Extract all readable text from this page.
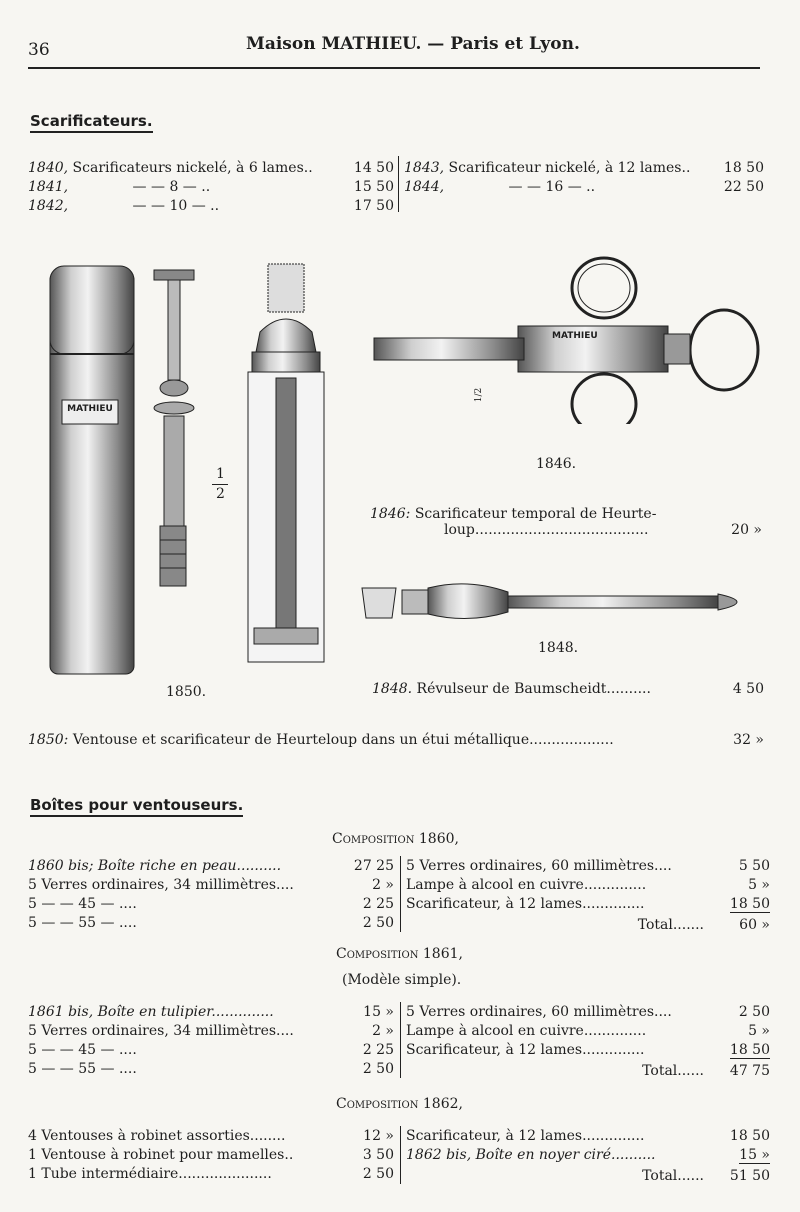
36	Maison MATHIEU. — Paris et Lyon.
Scarificateurs.
1840, Scarificateurs nickelé, à 6 lames..	14 50
1841,	— — 8 — ..	15 50
1842,	— — 10 — ..	17 50
1843, Scarificateur nickelé, à 12 lames.. 18 50
1844,	— — 16 — ..	22 50
MATHIEU
1
2
1850.
MATHIEU
1/2
1846.
1846: Scarificateur temporal de Heurte-
loup.......................................	20 »
1848.
1848. Révulseur de Baumscheidt..........	4 50
1850: Ventouse et scarificateur de Heurteloup dans un étui métallique...................	32 »
Boîtes pour ventouseurs.
Composition 1860,
1860 bis; Boîte riche en peau..........	27 25
5 Verres ordinaires, 34 millimètres....	2 »
5 — — 45 — ....	2 25
5 — — 55 — ....	2 50
5 Verres ordinaires, 60 millimètres....	5 50
Lampe à alcool en cuivre..............	5 »
Scarificateur, à 12 lames..............	18 50
Total.......	60 »
Composition 1861,
(Modèle simple).
1861 bis, Boîte en tulipier..............	15 »
5 Verres ordinaires, 34 millimètres....	2 »
5 — — 45 — ....	2 25
5 — — 55 — ....	2 50
5 Verres ordinaires, 60 millimètres....	2 50
Lampe à alcool en cuivre..............	5 »
Scarificateur, à 12 lames..............	18 50
Total...... 47 75
Composition 1862,
4 Ventouses à robinet assorties........	12 »
1 Ventouse à robinet pour mamelles..	3 50
1 Tube intermédiaire.....................	2 50
Scarificateur, à 12 lames..............	18 50
1862 bis, Boîte en noyer ciré..........	15 »
Total...... 51 50
